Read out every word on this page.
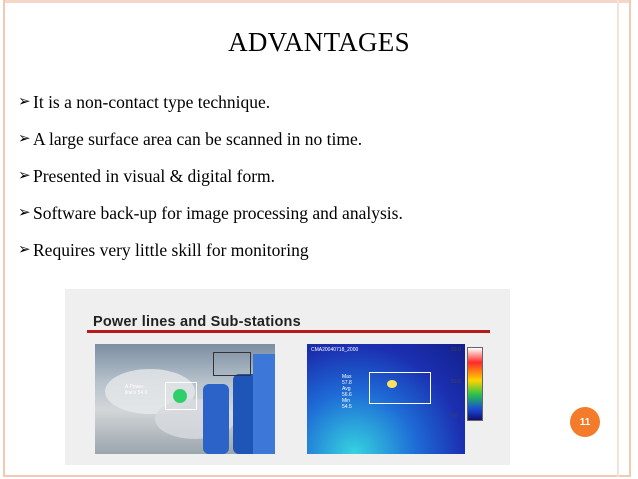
ADVANTAGES
➢ It is a non-contact type technique.
➢ A large surface area can be scanned in no time.
➢ Presented in visual & digital form.
➢ Software back-up for image processing and analysis.
➢ Requires very little skill for monitoring
Power lines and Sub-stations
A Power
line's 54.0
CMA20040718_2000
Max
57.8
Avg
56.6
Min
54.5
59.0
50.0
0.0
11
